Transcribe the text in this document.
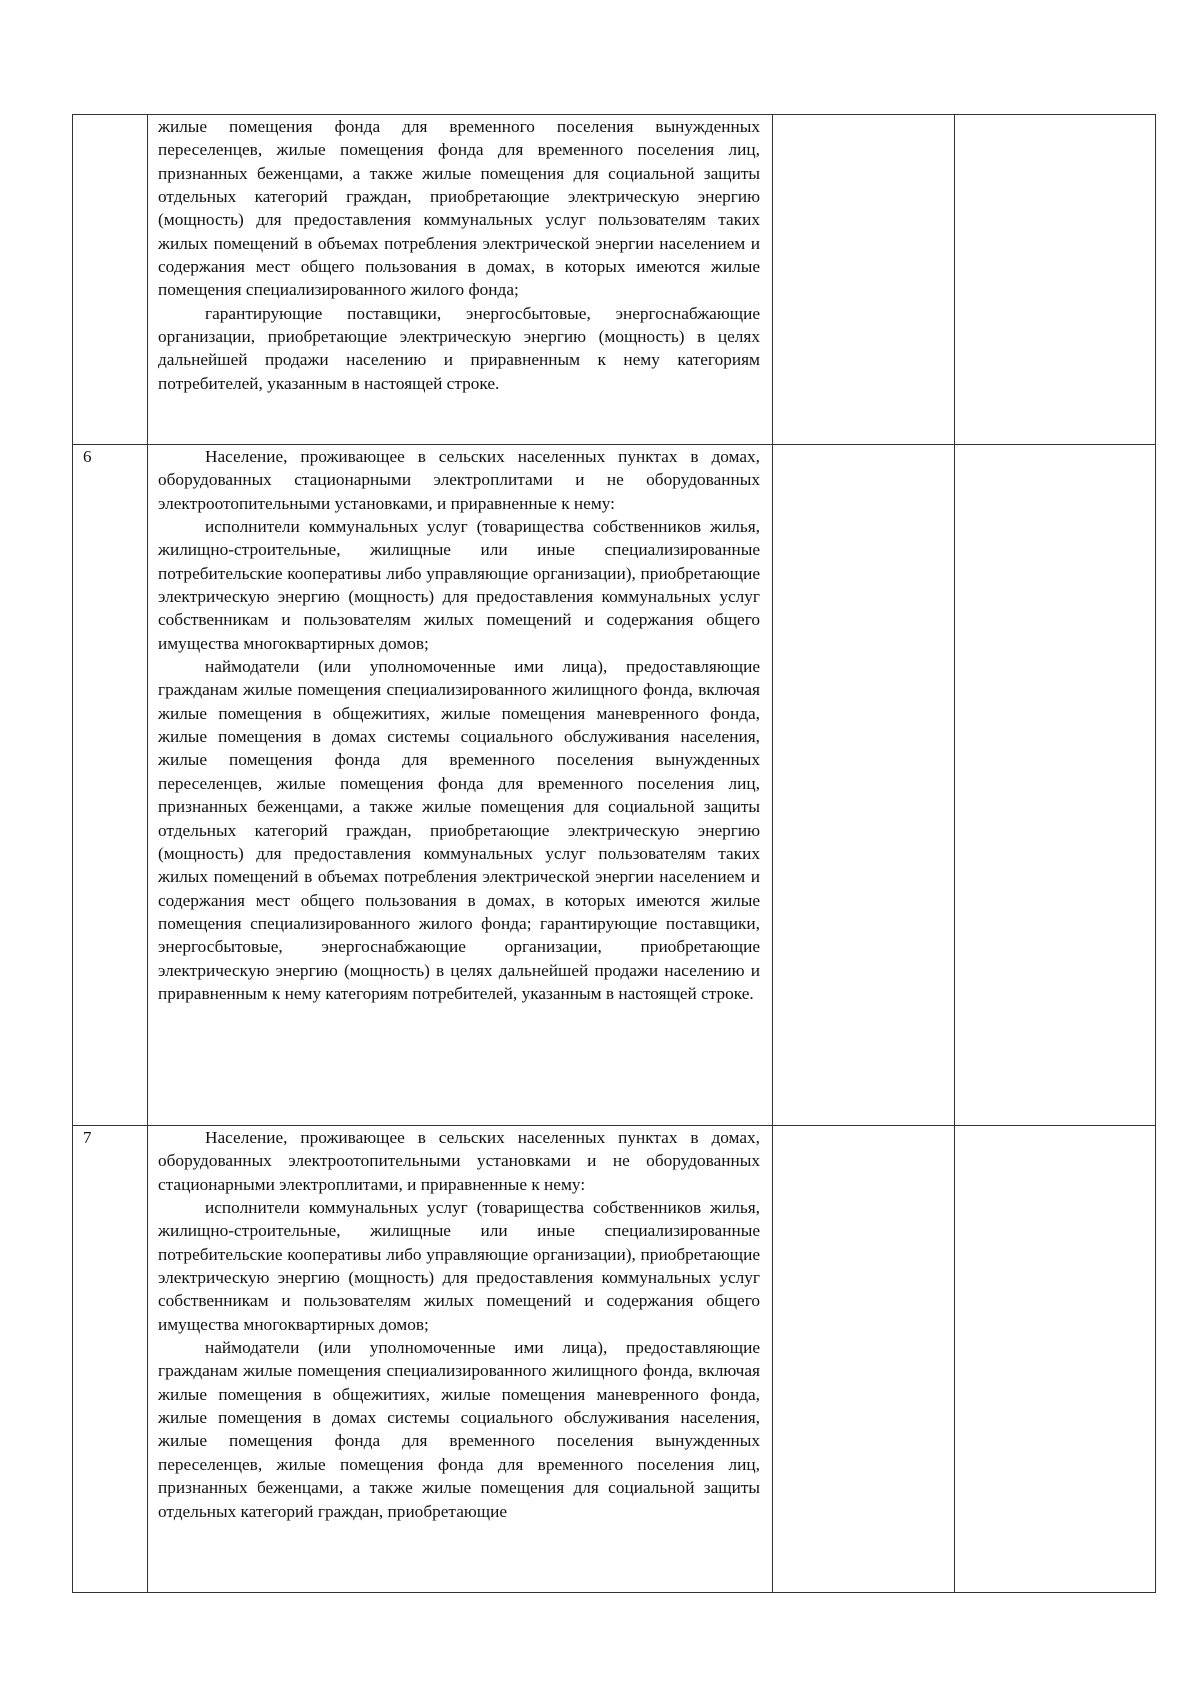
	жилые помещения фонда для временного поселения вынужденных переселенцев, жилые помещения фонда для временного поселения лиц, признанных беженцами, а также жилые помещения для социальной защиты отдельных категорий граждан, приобретающие электрическую энергию (мощность) для предоставления коммунальных услуг пользователям таких жилых помещений в объемах потребления электрической энергии населением и содержания мест общего пользования в домах, в которых имеются жилые помещения специализированного жилого фонда;

гарантирующие поставщики, энергосбытовые, энергоснабжающие организации, приобретающие электрическую энергию (мощность) в целях дальнейшей продажи населению и приравненным к нему категориям потребителей, указанным в настоящей строке.		

6	Население, проживающее в сельских населенных пунктах в домах, оборудованных стационарными электроплитами и не оборудованных электроотопительными установками, и приравненные к нему:

исполнители коммунальных услуг (товарищества собственников жилья, жилищно-строительные, жилищные или иные специализированные потребительские кооперативы либо управляющие организации), приобретающие электрическую энергию (мощность) для предоставления коммунальных услуг собственникам и пользователям жилых помещений и содержания общего имущества многоквартирных домов;

наймодатели (или уполномоченные ими лица), предоставляющие гражданам жилые помещения специализированного жилищного фонда, включая жилые помещения в общежитиях, жилые помещения маневренного фонда, жилые помещения в домах системы социального обслуживания населения, жилые помещения фонда для временного поселения вынужденных переселенцев, жилые помещения фонда для временного поселения лиц, признанных беженцами, а также жилые помещения для социальной защиты отдельных категорий граждан, приобретающие электрическую энергию (мощность) для предоставления коммунальных услуг пользователям таких жилых помещений в объемах потребления электрической энергии населением и содержания мест общего пользования в домах, в которых имеются жилые помещения специализированного жилого фонда; гарантирующие поставщики, энергосбытовые, энергоснабжающие организации, приобретающие электрическую энергию (мощность) в целях дальнейшей продажи населению и приравненным к нему категориям потребителей, указанным в настоящей строке.		

7	Население, проживающее в сельских населенных пунктах в домах, оборудованных электроотопительными установками и не оборудованных стационарными электроплитами, и приравненные к нему:

исполнители коммунальных услуг (товарищества собственников жилья, жилищно-строительные, жилищные или иные специализированные потребительские кооперативы либо управляющие организации), приобретающие электрическую энергию (мощность) для предоставления коммунальных услуг собственникам и пользователям жилых помещений и содержания общего имущества многоквартирных домов;

наймодатели (или уполномоченные ими лица), предоставляющие гражданам жилые помещения специализированного жилищного фонда, включая жилые помещения в общежитиях, жилые помещения маневренного фонда, жилые помещения в домах системы социального обслуживания населения, жилые помещения фонда для временного поселения вынужденных переселенцев, жилые помещения фонда для временного поселения лиц, признанных беженцами, а также жилые помещения для социальной защиты отдельных категорий граждан, приобретающие		
